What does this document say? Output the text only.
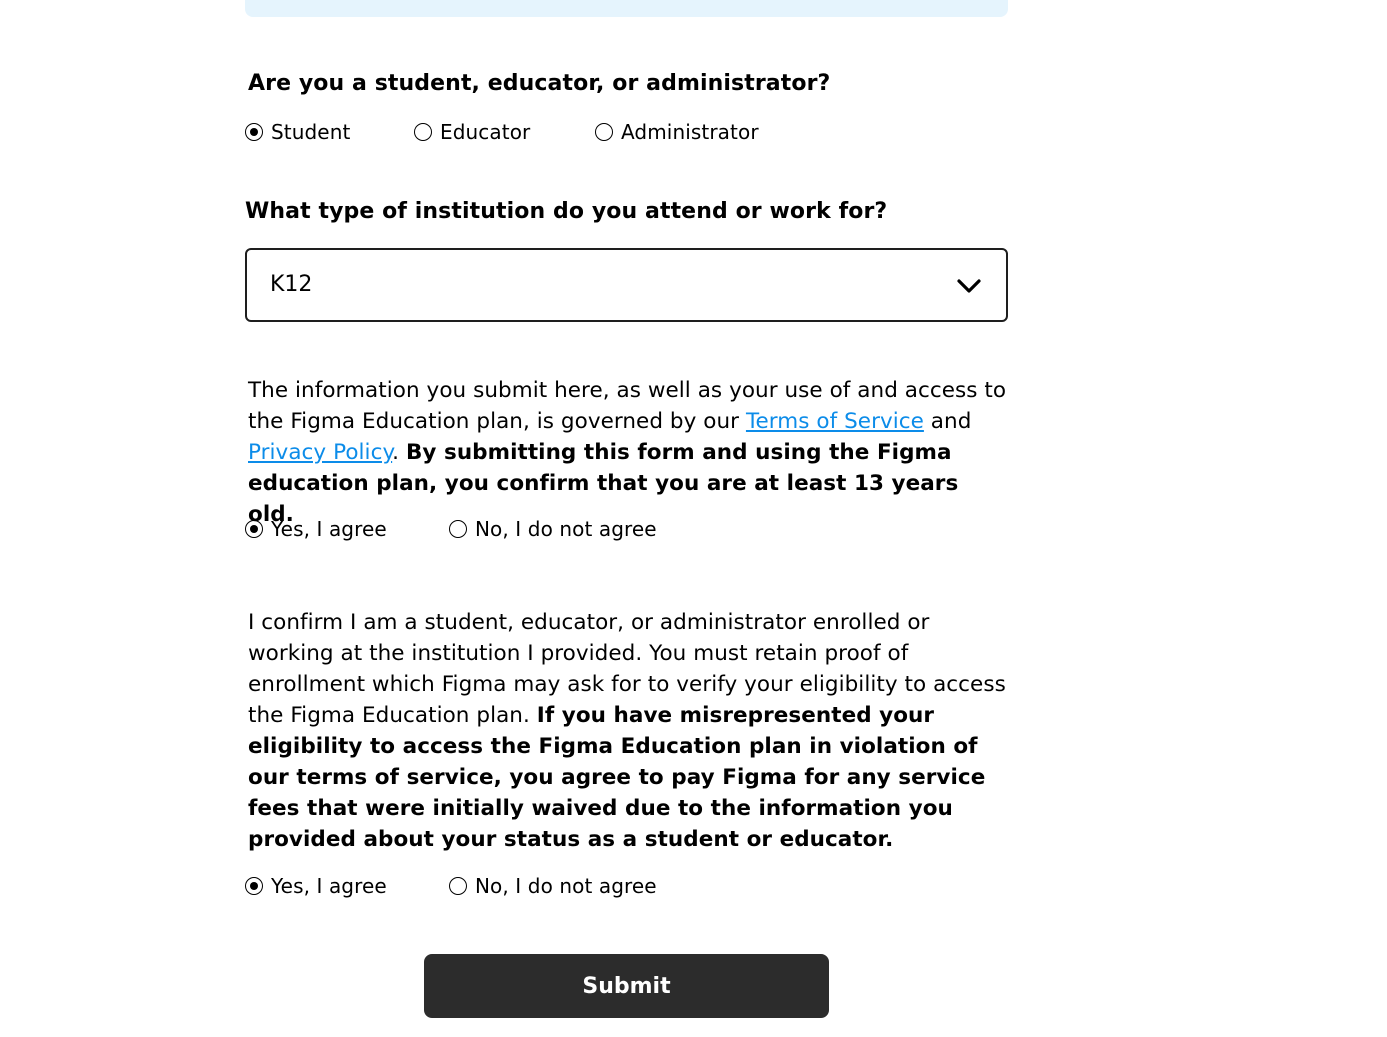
Are you a student, educator, or administrator?
Student	Educator	Administrator
What type of institution do you attend or work for?
K12
The information you submit here, as well as your use of and access to the Figma Education plan, is governed by our Terms of Service and Privacy Policy. By submitting this form and using the Figma education plan, you confirm that you are at least 13 years old.
Yes, I agree	No, I do not agree
I confirm I am a student, educator, or administrator enrolled or working at the institution I provided. You must retain proof of enrollment which Figma may ask for to verify your eligibility to access the Figma Education plan. If you have misrepresented your eligibility to access the Figma Education plan in violation of our terms of service, you agree to pay Figma for any service fees that were initially waived due to the information you provided about your status as a student or educator.
Yes, I agree	No, I do not agree
Submit
